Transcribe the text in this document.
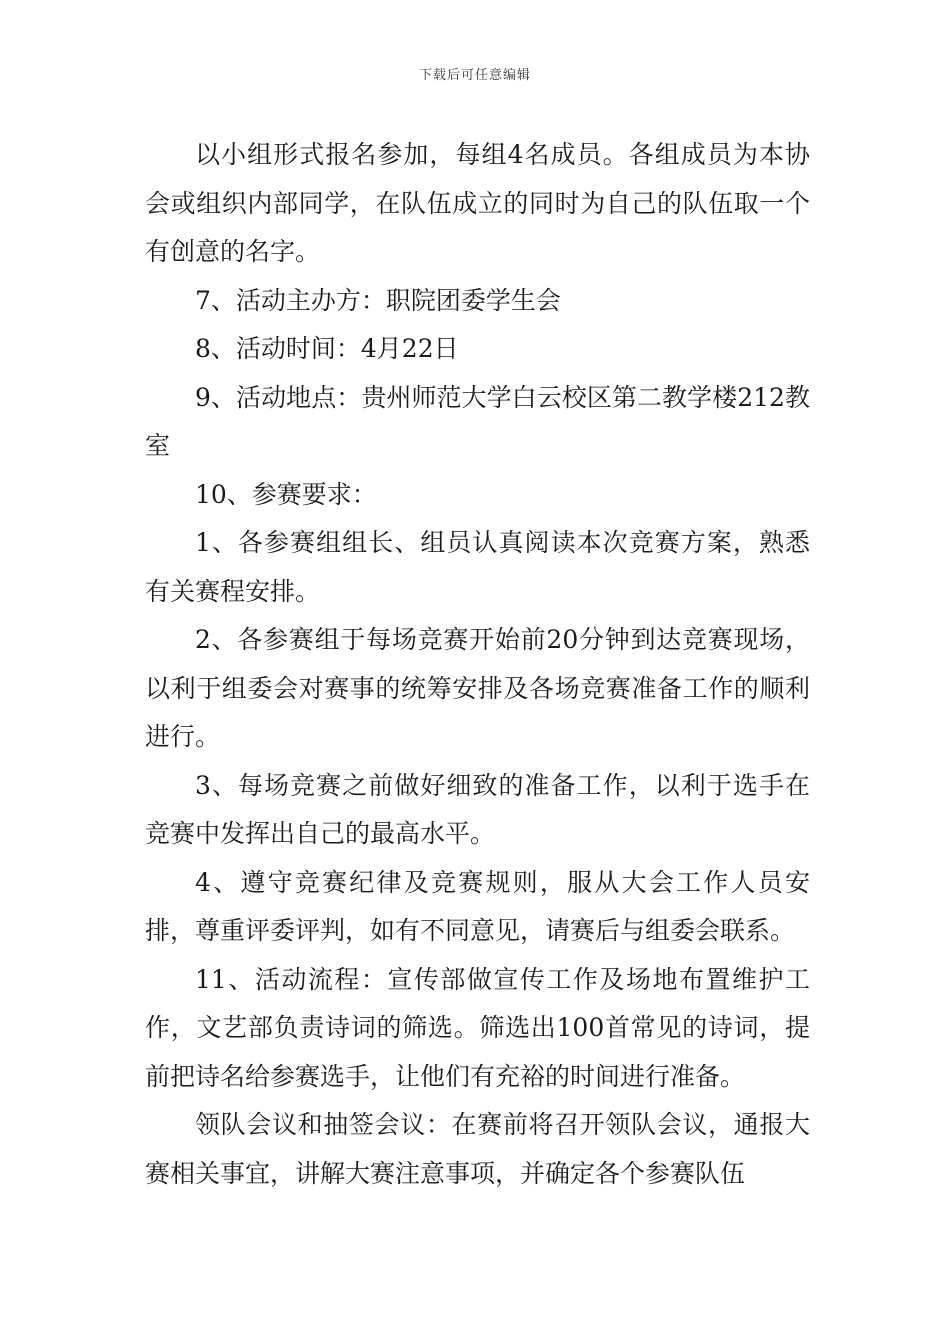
下载后可任意编辑

以小组形式报名参加，每组4名成员。各组成员为本协会或组织内部同学，在队伍成立的同时为自己的队伍取一个有创意的名字。

7、活动主办方：职院团委学生会

8、活动时间：4月22日

9、活动地点：贵州师范大学白云校区第二教学楼212教室

10、参赛要求：

1、各参赛组组长、组员认真阅读本次竞赛方案，熟悉有关赛程安排。

2、各参赛组于每场竞赛开始前20分钟到达竞赛现场，以利于组委会对赛事的统筹安排及各场竞赛准备工作的顺利进行。

3、每场竞赛之前做好细致的准备工作，以利于选手在竞赛中发挥出自己的最高水平。

4、遵守竞赛纪律及竞赛规则，服从大会工作人员安排，尊重评委评判，如有不同意见，请赛后与组委会联系。

11、活动流程：宣传部做宣传工作及场地布置维护工作，文艺部负责诗词的筛选。筛选出100首常见的诗词，提前把诗名给参赛选手，让他们有充裕的时间进行准备。

领队会议和抽签会议：在赛前将召开领队会议，通报大赛相关事宜，讲解大赛注意事项，并确定各个参赛队伍
